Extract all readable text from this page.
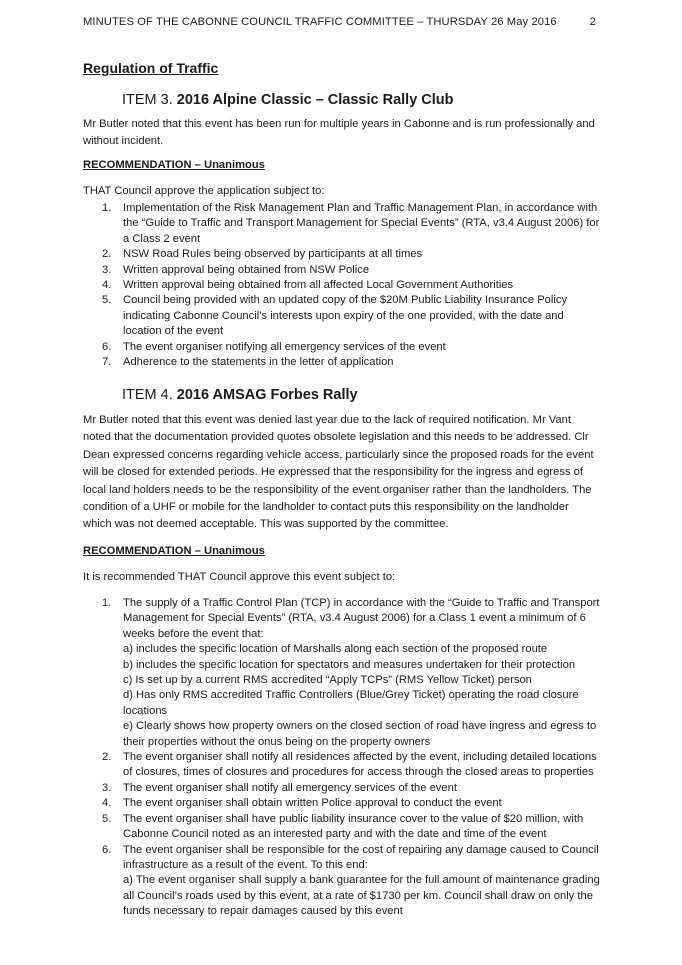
MINUTES OF THE CABONNE COUNCIL TRAFFIC COMMITTEE – THURSDAY 26 May 2016	2
Regulation of Traffic
ITEM 3. 2016 Alpine Classic – Classic Rally Club

Mr Butler noted that this event has been run for multiple years in Cabonne and is run professionally and without incident.

RECOMMENDATION – Unanimous
THAT Council approve the application subject to:
1. Implementation of the Risk Management Plan and Traffic Management Plan, in accordance with the “Guide to Traffic and Transport Management for Special Events” (RTA, v3.4 August 2006) for a Class 2 event
2. NSW Road Rules being observed by participants at all times
3. Written approval being obtained from NSW Police
4. Written approval being obtained from all affected Local Government Authorities
5. Council being provided with an updated copy of the $20M Public Liability Insurance Policy indicating Cabonne Council’s interests upon expiry of the one provided, with the date and location of the event
6. The event organiser notifying all emergency services of the event
7. Adherence to the statements in the letter of application
ITEM 4. 2016 AMSAG Forbes Rally

Mr Butler noted that this event was denied last year due to the lack of required notification. Mr Vant noted that the documentation provided quotes obsolete legislation and this needs to be addressed. Clr Dean expressed concerns regarding vehicle access, particularly since the proposed roads for the event will be closed for extended periods. He expressed that the responsibility for the ingress and egress of local land holders needs to be the responsibility of the event organiser rather than the landholders. The condition of a UHF or mobile for the landholder to contact puts this responsibility on the landholder which was not deemed acceptable. This was supported by the committee.

RECOMMENDATION – Unanimous
It is recommended THAT Council approve this event subject to:
1. The supply of a Traffic Control Plan (TCP) in accordance with the “Guide to Traffic and Transport Management for Special Events” (RTA, v3.4 August 2006) for a Class 1 event a minimum of 6 weeks before the event that:
a) includes the specific location of Marshalls along each section of the proposed route
b) includes the specific location for spectators and measures undertaken for their protection
c) Is set up by a current RMS accredited “Apply TCPs” (RMS Yellow Ticket) person
d) Has only RMS accredited Traffic Controllers (Blue/Grey Ticket) operating the road closure locations
e) Clearly shows how property owners on the closed section of road have ingress and egress to their properties without the onus being on the property owners
2. The event organiser shall notify all residences affected by the event, including detailed locations of closures, times of closures and procedures for access through the closed areas to properties
3. The event organiser shall notify all emergency services of the event
4. The event organiser shall obtain written Police approval to conduct the event
5. The event organiser shall have public liability insurance cover to the value of $20 million, with Cabonne Council noted as an interested party and with the date and time of the event
6. The event organiser shall be responsible for the cost of repairing any damage caused to Council infrastructure as a result of the event. To this end:
a) The event organiser shall supply a bank guarantee for the full amount of maintenance grading all Council’s roads used by this event, at a rate of $1730 per km. Council shall draw on only the funds necessary to repair damages caused by this event
